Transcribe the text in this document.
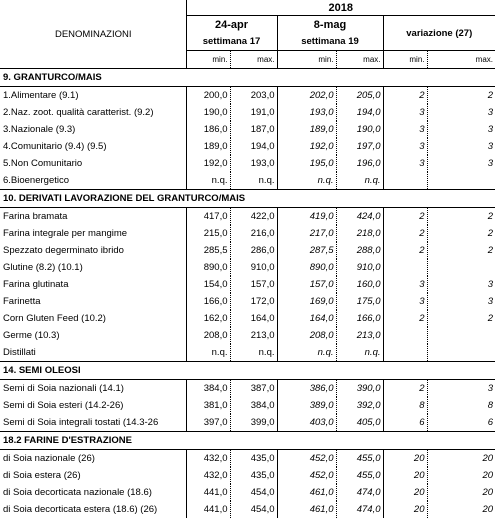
DENOMINAZIONI	2018					
	24-apr		8-mag		variazione (27)	
	settimana 17		settimana 19			
	min.	max.	min.	max.	min.	max.
9. GRANTURCO/MAIS						
1.Alimentare (9.1)	200,0	203,0	202,0	205,0	2	2
2.Naz. zoot. qualità caratterist. (9.2)	190,0	191,0	193,0	194,0	3	3
3.Nazionale (9.3)	186,0	187,0	189,0	190,0	3	3
4.Comunitario (9.4) (9.5)	189,0	194,0	192,0	197,0	3	3
5.Non Comunitario	192,0	193,0	195,0	196,0	3	3
6.Bioenergetico	n.q.	n.q.	n.q.	n.q.		
10. DERIVATI LAVORAZIONE DEL GRANTURCO/MAIS						
Farina bramata	417,0	422,0	419,0	424,0	2	2
Farina integrale per mangime	215,0	216,0	217,0	218,0	2	2
Spezzato degerminato ibrido	285,5	286,0	287,5	288,0	2	2
Glutine (8.2) (10.1)	890,0	910,0	890,0	910,0		
Farina glutinata	154,0	157,0	157,0	160,0	3	3
Farinetta	166,0	172,0	169,0	175,0	3	3
Corn Gluten Feed (10.2)	162,0	164,0	164,0	166,0	2	2
Germe (10.3)	208,0	213,0	208,0	213,0		
Distillati	n.q.	n.q.	n.q.	n.q.		
14. SEMI OLEOSI						
Semi di Soia nazionali (14.1)	384,0	387,0	386,0	390,0	2	3
Semi di Soia esteri (14.2-26)	381,0	384,0	389,0	392,0	8	8
Semi di Soia integrali tostati (14.3-26	397,0	399,0	403,0	405,0	6	6
18.2 FARINE D'ESTRAZIONE						
di Soia nazionale (26)	432,0	435,0	452,0	455,0	20	20
di Soia estera (26)	432,0	435,0	452,0	455,0	20	20
di Soia decorticata nazionale (18.6)	441,0	454,0	461,0	474,0	20	20
di Soia decorticata estera (18.6) (26)	441,0	454,0	461,0	474,0	20	20
